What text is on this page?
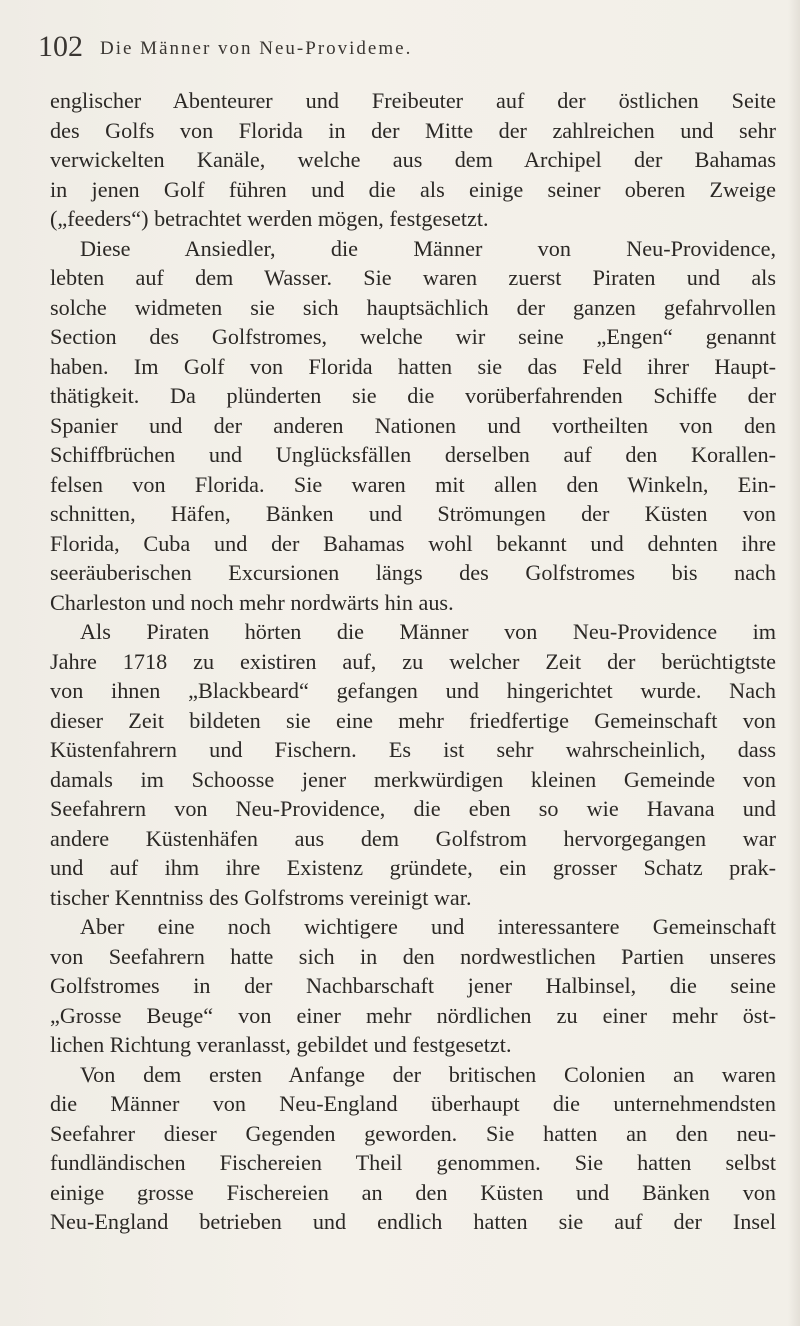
102 Die Männer von Neu-Provideme.
englischer Abenteurer und Freibeuter auf der östlichen Seite
des Golfs von Florida in der Mitte der zahlreichen und sehr
verwickelten Kanäle, welche aus dem Archipel der Bahamas
in jenen Golf führen und die als einige seiner oberen Zweige
(„feeders“) betrachtet werden mögen, festgesetzt.
Diese Ansiedler, die Männer von Neu-Providence,
lebten auf dem Wasser. Sie waren zuerst Piraten und als
solche widmeten sie sich hauptsächlich der ganzen gefahrvollen
Section des Golfstromes, welche wir seine „Engen“ genannt
haben. Im Golf von Florida hatten sie das Feld ihrer Haupt-
thätigkeit. Da plünderten sie die vorüberfahrenden Schiffe der
Spanier und der anderen Nationen und vortheilten von den
Schiffbrüchen und Unglücksfällen derselben auf den Korallen-
felsen von Florida. Sie waren mit allen den Winkeln, Ein-
schnitten, Häfen, Bänken und Strömungen der Küsten von
Florida, Cuba und der Bahamas wohl bekannt und dehnten ihre
seeräuberischen Excursionen längs des Golfstromes bis nach
Charleston und noch mehr nordwärts hin aus.
Als Piraten hörten die Männer von Neu-Providence im
Jahre 1718 zu existiren auf, zu welcher Zeit der berüchtigtste
von ihnen „Blackbeard“ gefangen und hingerichtet wurde. Nach
dieser Zeit bildeten sie eine mehr friedfertige Gemeinschaft von
Küstenfahrern und Fischern. Es ist sehr wahrscheinlich, dass
damals im Schoosse jener merkwürdigen kleinen Gemeinde von
Seefahrern von Neu-Providence, die eben so wie Havana und
andere Küstenhäfen aus dem Golfstrom hervorgegangen war
und auf ihm ihre Existenz gründete, ein grosser Schatz prak-
tischer Kenntniss des Golfstroms vereinigt war.
Aber eine noch wichtigere und interessantere Gemeinschaft
von Seefahrern hatte sich in den nordwestlichen Partien unseres
Golfstromes in der Nachbarschaft jener Halbinsel, die seine
„Grosse Beuge“ von einer mehr nördlichen zu einer mehr öst-
lichen Richtung veranlasst, gebildet und festgesetzt.
Von dem ersten Anfange der britischen Colonien an waren
die Männer von Neu-England überhaupt die unternehmendsten
Seefahrer dieser Gegenden geworden. Sie hatten an den neu-
fundländischen Fischereien Theil genommen. Sie hatten selbst
einige grosse Fischereien an den Küsten und Bänken von
Neu-England betrieben und endlich hatten sie auf der Insel
